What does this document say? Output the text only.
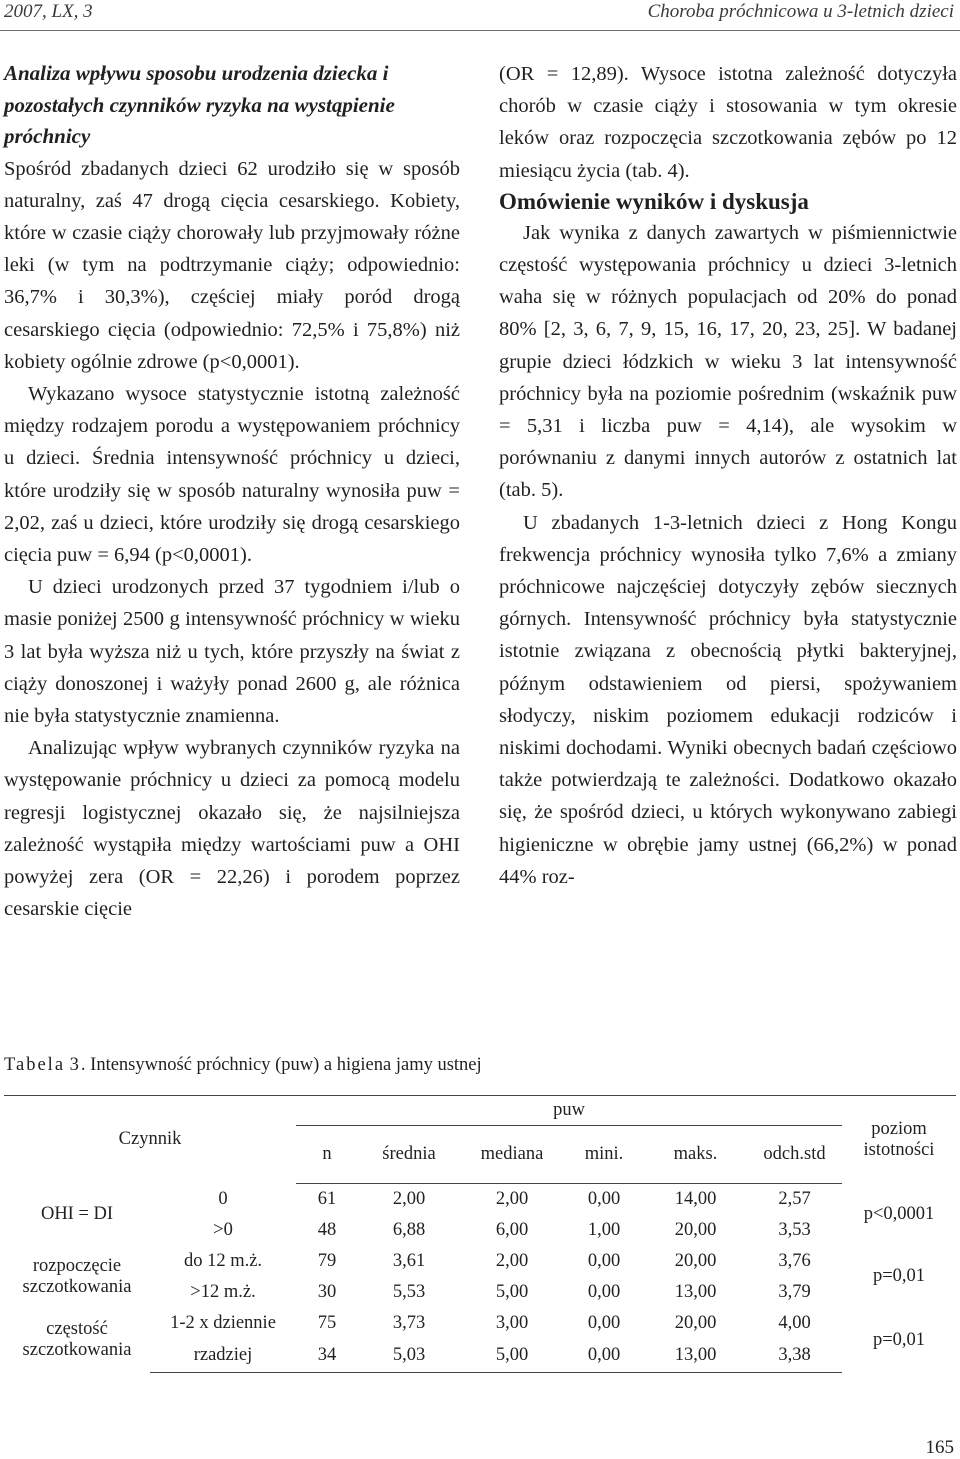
2007, LX, 3	Choroba próchnicowa u 3-letnich dzieci

Analiza wpływu sposobu urodzenia dziecka i pozostałych czynników ryzyka na wystąpienie próchnicy

Spośród zbadanych dzieci 62 urodziło się w sposób naturalny, zaś 47 drogą cięcia cesarskiego. Kobiety, które w czasie ciąży chorowały lub przyjmowały różne leki (w tym na podtrzymanie ciąży; odpowiednio: 36,7% i 30,3%), częściej miały poród drogą cesarskiego cięcia (odpowiednio: 72,5% i 75,8%) niż kobiety ogólnie zdrowe (p<0,0001).

Wykazano wysoce statystycznie istotną zależność między rodzajem porodu a występowaniem próchnicy u dzieci. Średnia intensywność próchnicy u dzieci, które urodziły się w sposób naturalny wynosiła puw = 2,02, zaś u dzieci, które urodziły się drogą cesarskiego cięcia puw = 6,94 (p<0,0001).

U dzieci urodzonych przed 37 tygodniem i/lub o masie poniżej 2500 g intensywność próchnicy w wieku 3 lat była wyższa niż u tych, które przyszły na świat z ciąży donoszonej i ważyły ponad 2600 g, ale różnica nie była statystycznie znamienna.

Analizując wpływ wybranych czynników ryzyka na występowanie próchnicy u dzieci za pomocą modelu regresji logistycznej okazało się, że najsilniejsza zależność wystąpiła między wartościami puw a OHI powyżej zera (OR = 22,26) i porodem poprzez cesarskie cięcie

(OR = 12,89). Wysoce istotna zależność dotyczyła chorób w czasie ciąży i stosowania w tym okresie leków oraz rozpoczęcia szczotkowania zębów po 12 miesiącu życia (tab. 4).

Omówienie wyników i dyskusja

Jak wynika z danych zawartych w piśmiennictwie częstość występowania próchnicy u dzieci 3-letnich waha się w różnych populacjach od 20% do ponad 80% [2, 3, 6, 7, 9, 15, 16, 17, 20, 23, 25]. W badanej grupie dzieci łódzkich w wieku 3 lat intensywność próchnicy była na poziomie pośrednim (wskaźnik puw = 5,31 i liczba puw = 4,14), ale wysokim w porównaniu z danymi innych autorów z ostatnich lat (tab. 5).

U zbadanych 1-3-letnich dzieci z Hong Kongu frekwencja próchnicy wynosiła tylko 7,6% a zmiany próchnicowe najczęściej dotyczyły zębów siecznych górnych. Intensywność próchnicy była statystycznie istotnie związana z obecnością płytki bakteryjnej, późnym odstawieniem od piersi, spożywaniem słodyczy, niskim poziomem edukacji rodziców i niskimi dochodami. Wyniki obecnych badań częściowo także potwierdzają te zależności. Dodatkowo okazało się, że spośród dzieci, u których wykonywano zabiegi higieniczne w obrębie jamy ustnej (66,2%) w ponad 44% roz-

Tabela 3. Intensywność próchnicy (puw) a higiena jamy ustnej
Czynnik		puw						poziom
istotności

		n	średnia	mediana	mini.	maks.	odch.std	
OHI = DI	0	61	2,00	2,00	0,00	14,00	2,57	p<0,0001
	>0	48	6,88	6,00	1,00	20,00	3,53	

rozpoczęcie
szczotkowania	do 12 m.ż.	79	3,61	2,00	0,00	20,00	3,76	p=0,01
	>12 m.ż.	30	5,53	5,00	0,00	13,00	3,79	

częstość
szczotkowania	1-2 x dziennie	75	3,73	3,00	0,00	20,00	4,00	p=0,01
	rzadziej	34	5,03	5,00	0,00	13,00	3,38	
165
